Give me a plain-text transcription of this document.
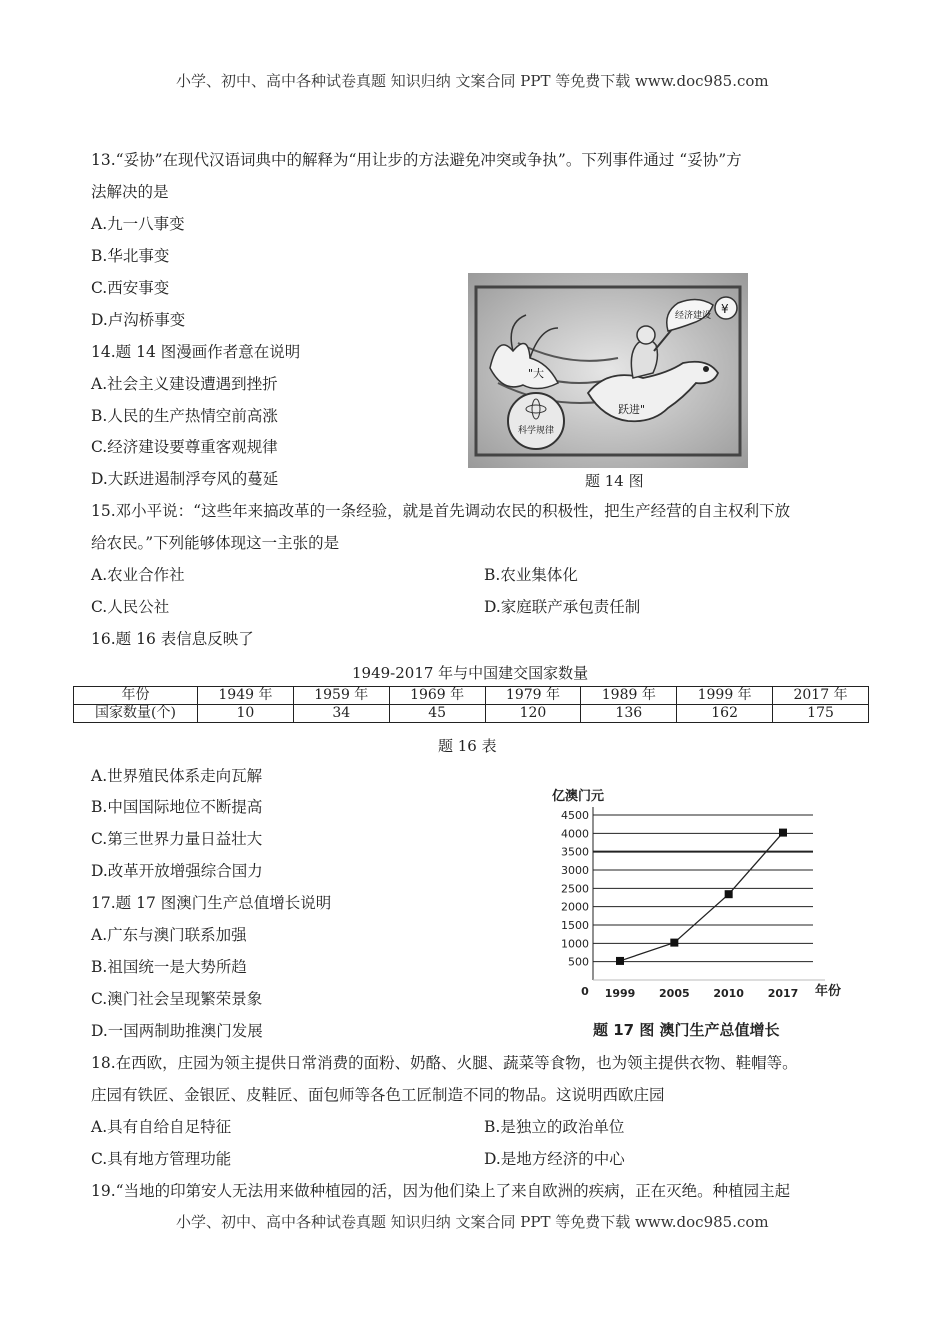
小学、初中、高中各种试卷真题 知识归纳 文案合同 PPT 等免费下载 www.doc985.com
小学、初中、高中各种试卷真题 知识归纳 文案合同 PPT 等免费下载 www.doc985.com
13.“妥协”在现代汉语词典中的解释为“用让步的方法避免冲突或争执”。下列事件通过 “妥协”方
法解决的是
A.九一八事变
B.华北事变
C.西安事变
D.卢沟桥事变
14.题 14 图漫画作者意在说明
A.社会主义建设遭遇到挫折
B.人民的生产热情空前高涨
C.经济建设要尊重客观规律
D.大跃进遏制浮夸风的蔓延
"大
科学规律
跃进"
经济建设 ¥
题 14 图
15.邓小平说：“这些年来搞改革的一条经验，就是首先调动农民的积极性，把生产经营的自主权利下放
给农民。”下列能够体现这一主张的是
A.农业合作社	B.农业集体化
C.人民公社	D.家庭联产承包责任制
16.题 16 表信息反映了
1949-2017 年与中国建交国家数量
年份	1949 年	1959 年	1969 年	1979 年	1989 年	1999 年	2017 年
国家数量(个)	10	34	45	120	136	162	175
题 16 表
A.世界殖民体系走向瓦解
B.中国国际地位不断提高
C.第三世界力量日益壮大
D.改革开放增强综合国力
17.题 17 图澳门生产总值增长说明
A.广东与澳门联系加强
B.祖国统一是大势所趋
C.澳门社会呈现繁荣景象
D.一国两制助推澳门发展
500
1000
1500
2000
2500
3000
3500
4000
4500
0
亿澳门元
年份
1999 2005 2010 2017
题 17 图 澳门生产总值增长
18.在西欧，庄园为领主提供日常消费的面粉、奶酪、火腿、蔬菜等食物，也为领主提供衣物、鞋帽等。
庄园有铁匠、金银匠、皮鞋匠、面包师等各色工匠制造不同的物品。这说明西欧庄园
A.具有自给自足特征	B.是独立的政治单位
C.具有地方管理功能	D.是地方经济的中心
19.“当地的印第安人无法用来做种植园的活，因为他们染上了来自欧洲的疾病，正在灭绝。种植园主起
